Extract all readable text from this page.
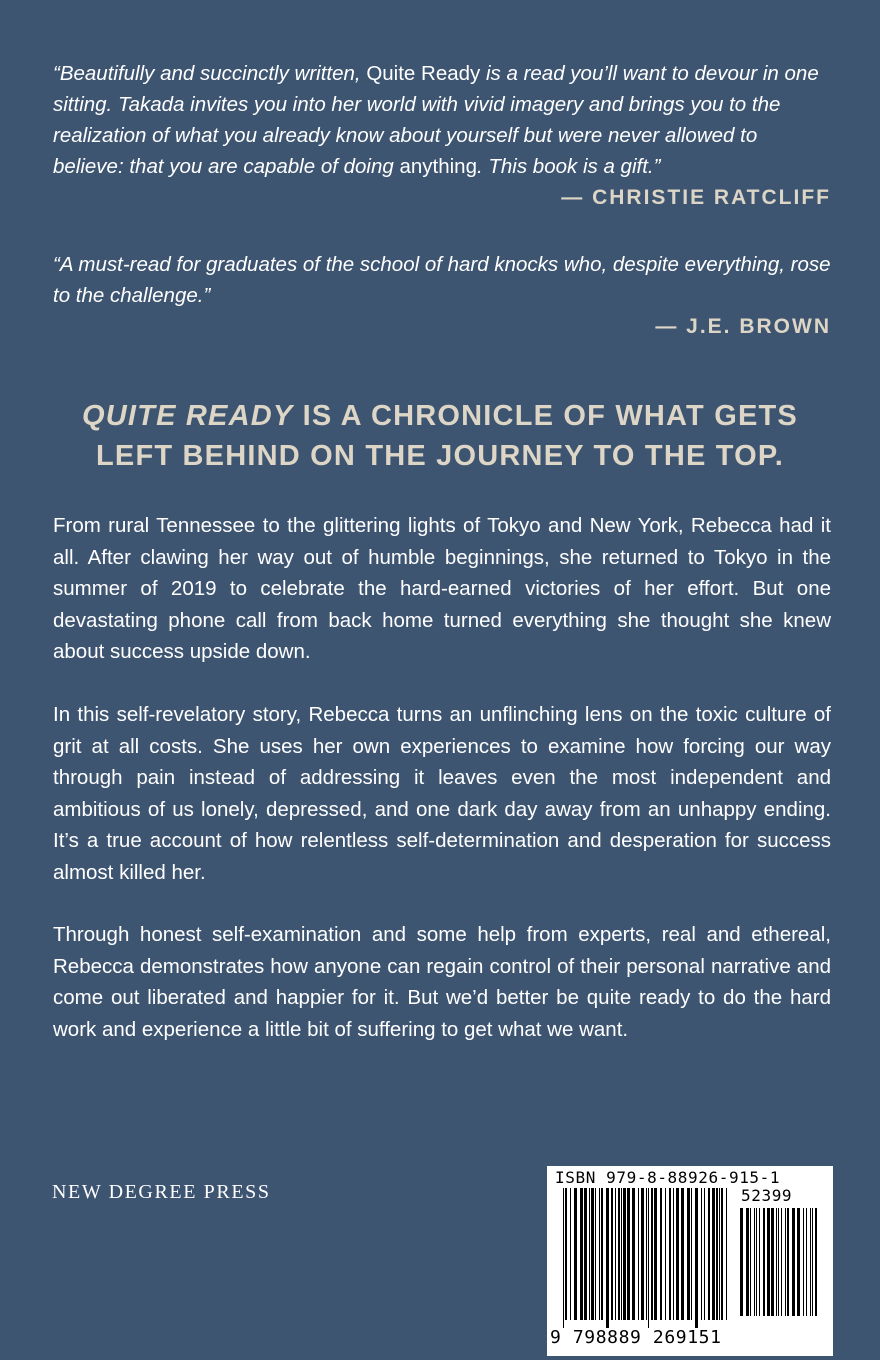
“Beautifully and succinctly written, Quite Ready is a read you’ll want to devour in one sitting. Takada invites you into her world with vivid imagery and brings you to the realization of what you already know about yourself but were never allowed to believe: that you are capable of doing anything. This book is a gift.”
— CHRISTIE RATCLIFF
“A must-read for graduates of the school of hard knocks who, despite everything, rose to the challenge.”
— J.E. BROWN
QUITE READY IS A CHRONICLE OF WHAT GETS
LEFT BEHIND ON THE JOURNEY TO THE TOP.

From rural Tennessee to the glittering lights of Tokyo and New York, Rebecca had it all. After clawing her way out of humble beginnings, she returned to Tokyo in the summer of 2019 to celebrate the hard-earned victories of her effort. But one devastating phone call from back home turned everything she thought she knew about success upside down.

In this self-revelatory story, Rebecca turns an unflinching lens on the toxic culture of grit at all costs. She uses her own experiences to examine how forcing our way through pain instead of addressing it leaves even the most independent and ambitious of us lonely, depressed, and one dark day away from an unhappy ending. It’s a true account of how relentless self-determination and desperation for success almost killed her.

Through honest self-examination and some help from experts, real and ethereal, Rebecca demonstrates how anyone can regain control of their personal narrative and come out liberated and happier for it. But we’d better be quite ready to do the hard work and experience a little bit of suffering to get what we want.

NEW DEGREE PRESS
ISBN 979-8-88926-915-1
52399
9 798889 269151
